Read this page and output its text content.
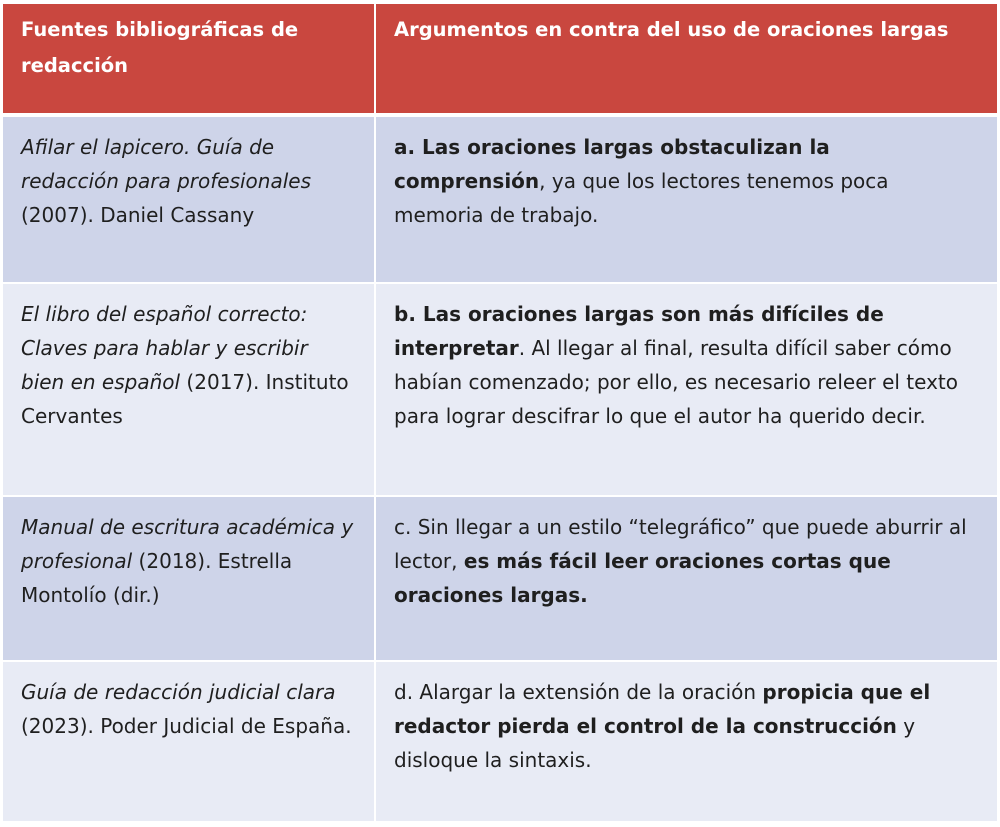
Fuentes bibliográficas de redacción
Argumentos en contra del uso de oraciones largas
Afilar el lapicero. Guía de redacción para profesionales (2007). Daniel Cassany
a. Las oraciones largas obstaculizan la comprensión, ya que los lectores tenemos poca memoria de trabajo.
El libro del español correcto: Claves para hablar y escribir bien en español (2017). Instituto Cervantes
b. Las oraciones largas son más difíciles de interpretar. Al llegar al final, resulta difícil saber cómo habían comenzado; por ello, es necesario releer el texto para lograr descifrar lo que el autor ha querido decir.
Manual de escritura académica y profesional (2018). Estrella Montolío (dir.)
c. Sin llegar a un estilo “telegráfico” que puede aburrir al lector, es más fácil leer oraciones cortas que oraciones largas.
Guía de redacción judicial clara (2023). Poder Judicial de España.
d. Alargar la extensión de la oración propicia que el redactor pierda el control de la construcción y disloque la sintaxis.
